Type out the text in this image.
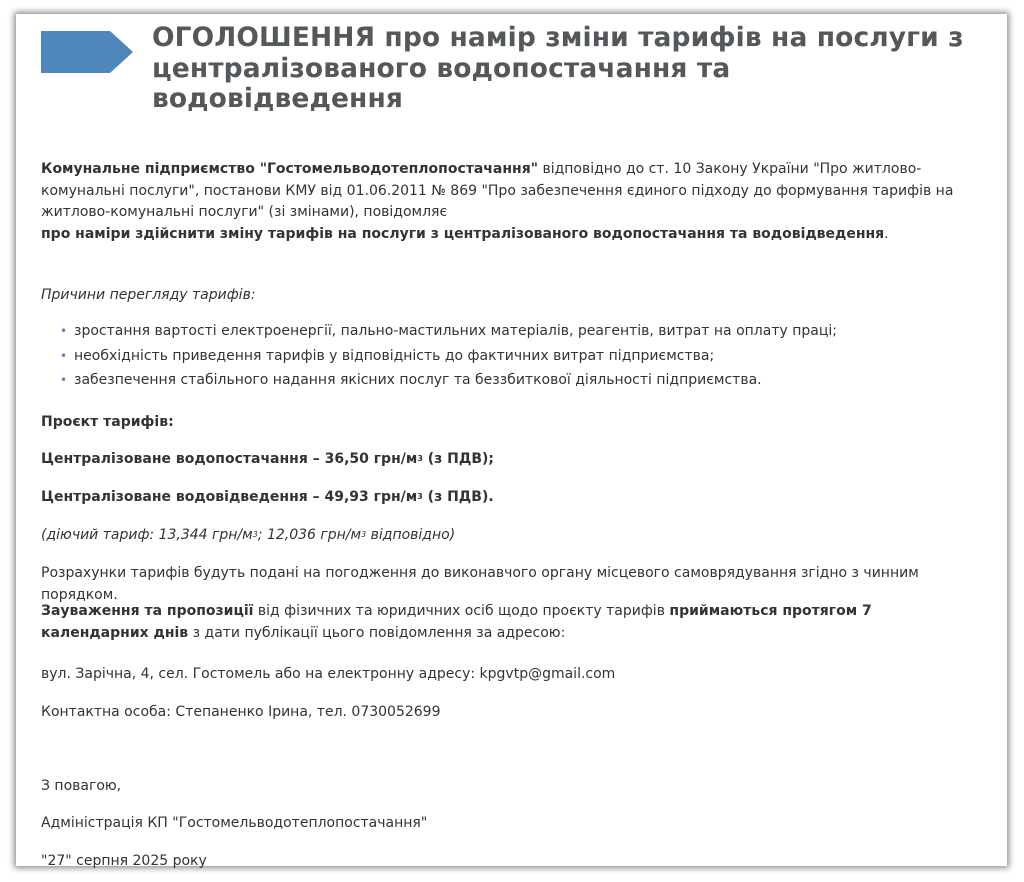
ОГОЛОШЕННЯ про намір зміни тарифів на послуги з централізованого водопостачання та водовідведення

Комунальне підприємство "Гостомельводотеплопостачання" відповідно до ст. 10 Закону України "Про житлово-комунальні послуги", постанови КМУ від 01.06.2011 № 869 "Про забезпечення єдиного підходу до формування тарифів на житлово-комунальні послуги" (зі змінами), повідомляє
про наміри здійснити зміну тарифів на послуги з централізованого водопостачання та водовідведення.

Причини перегляду тарифів:

• зростання вартості електроенергії, пально-мастильних матеріалів, реагентів, витрат на оплату праці;
• необхідність приведення тарифів у відповідність до фактичних витрат підприємства;
• забезпечення стабільного надання якісних послуг та беззбиткової діяльності підприємства.

Проєкт тарифів:

Централізоване водопостачання – 36,50 грн/$м^3$ (з ПДВ);

Централізоване водовідведення – 49,93 грн/$м^3$ (з ПДВ).

(діючий тариф: 13,344 грн/$м^3$; 12,036 грн/$м^3$ відповідно)

Розрахунки тарифів будуть подані на погодження до виконавчого органу місцевого самоврядування згідно з чинним порядком.

Зауваження та пропозиції від фізичних та юридичних осіб щодо проєкту тарифів приймаються протягом 7 календарних днів з дати публікації цього повідомлення за адресою:

вул. Зарічна, 4, сел. Гостомель або на електронну адресу: kpgvtp@gmail.com

Контактна особа: Степаненко Ірина, тел. 0730052699

З повагою,

Адміністрація КП "Гостомельводотеплопостачання"

"27" серпня 2025 року
